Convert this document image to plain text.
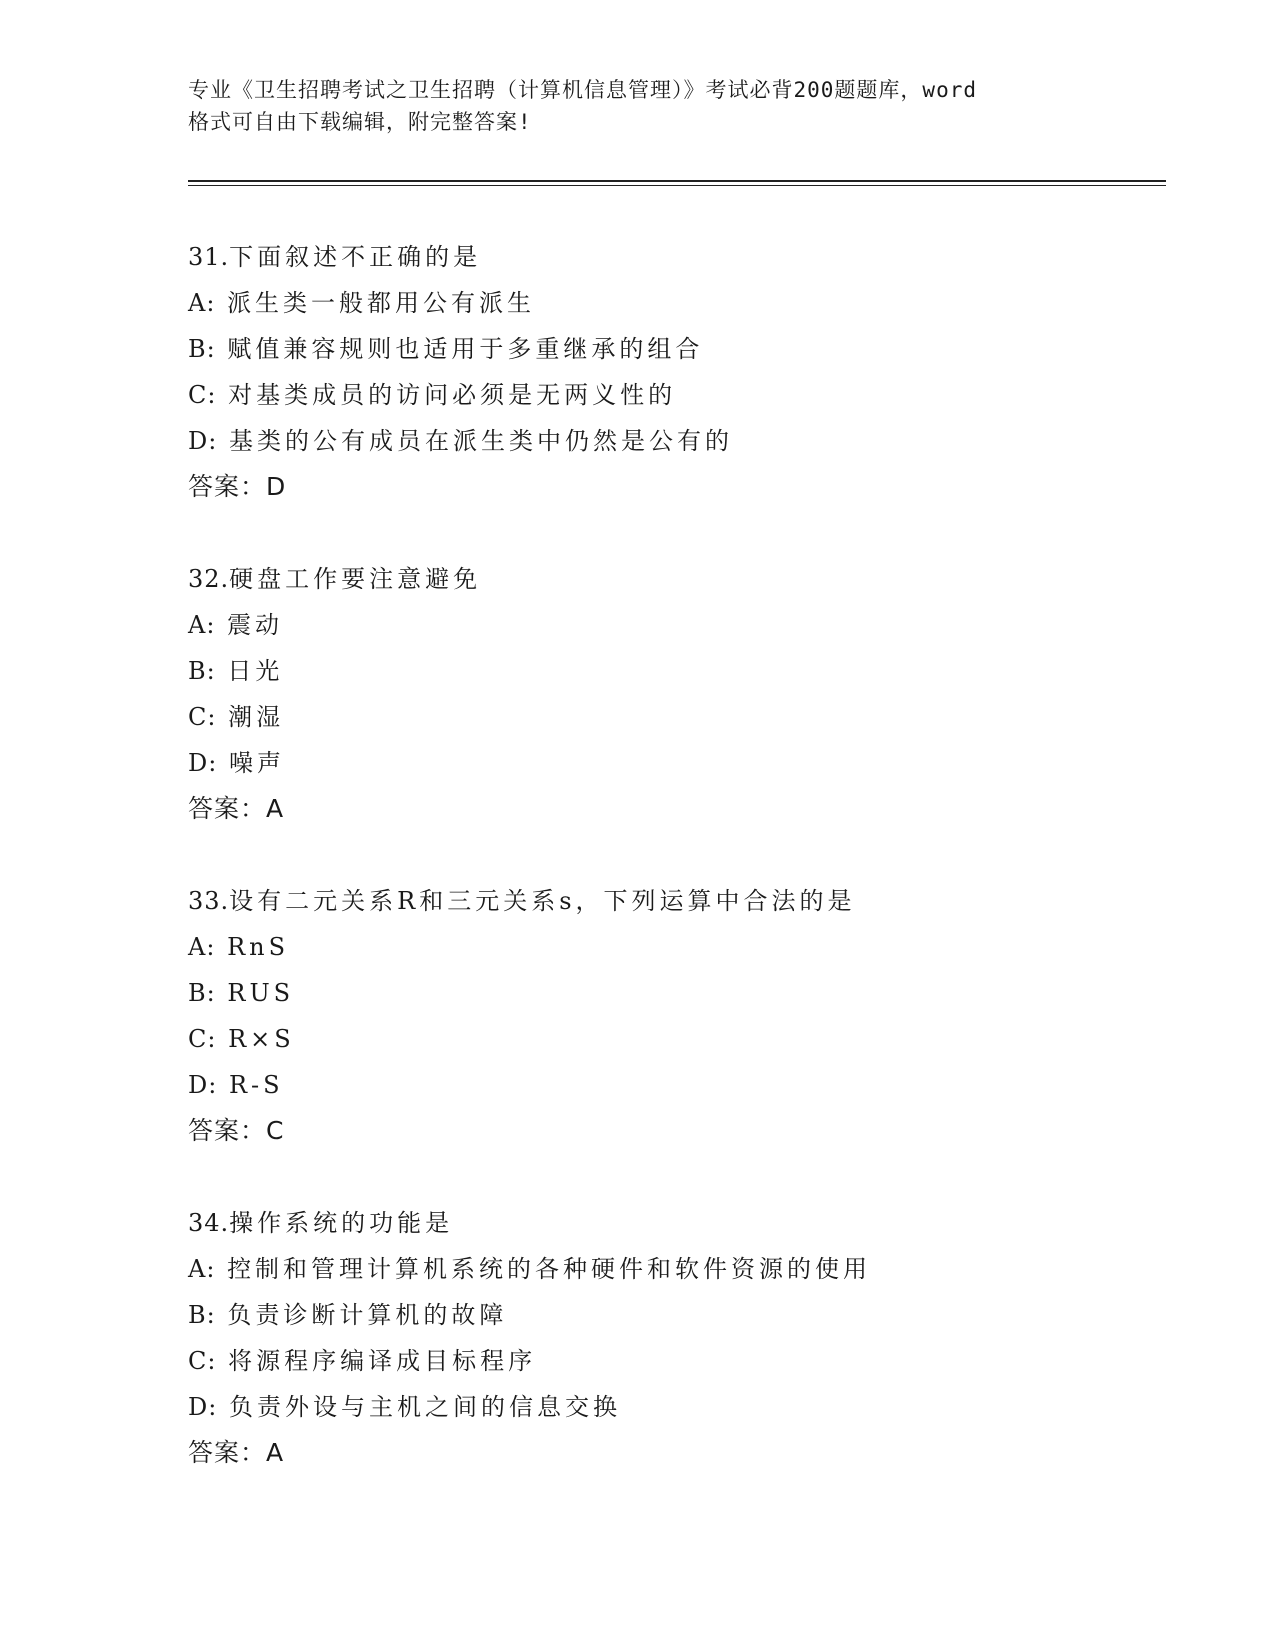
专业《卫生招聘考试之卫生招聘（计算机信息管理）》考试必背200题题库，word
格式可自由下载编辑，附完整答案!
31.下面叙述不正确的是
A: 派生类一般都用公有派生
B: 赋值兼容规则也适用于多重继承的组合
C: 对基类成员的访问必须是无两义性的
D: 基类的公有成员在派生类中仍然是公有的
答案：D
32.硬盘工作要注意避免
A: 震动
B: 日光
C: 潮湿
D: 噪声
答案：A
33.设有二元关系R和三元关系s，下列运算中合法的是
A: RnS
B: RUS
C: R×S
D: R-S
答案：C
34.操作系统的功能是
A: 控制和管理计算机系统的各种硬件和软件资源的使用
B: 负责诊断计算机的故障
C: 将源程序编译成目标程序
D: 负责外设与主机之间的信息交换
答案：A
